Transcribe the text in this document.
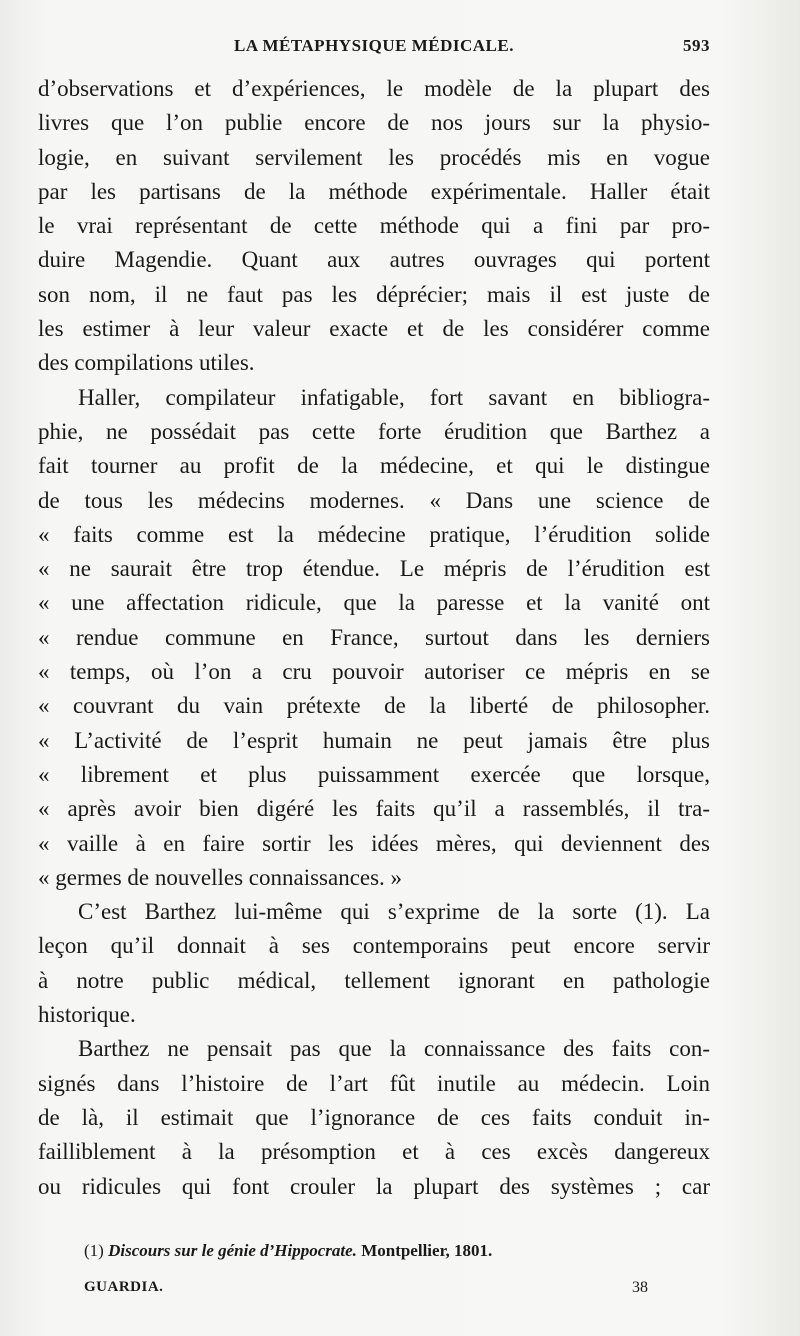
LA MÉTAPHYSIQUE MÉDICALE.	593
d’observations et d’expériences, le modèle de la plupart des
livres que l’on publie encore de nos jours sur la physio-
logie, en suivant servilement les procédés mis en vogue
par les partisans de la méthode expérimentale. Haller était
le vrai représentant de cette méthode qui a fini par pro-
duire Magendie. Quant aux autres ouvrages qui portent
son nom, il ne faut pas les déprécier; mais il est juste de
les estimer à leur valeur exacte et de les considérer comme
des compilations utiles.
Haller, compilateur infatigable, fort savant en bibliogra-
phie, ne possédait pas cette forte érudition que Barthez a
fait tourner au profit de la médecine, et qui le distingue
de tous les médecins modernes. « Dans une science de
« faits comme est la médecine pratique, l’érudition solide
« ne saurait être trop étendue. Le mépris de l’érudition est
« une affectation ridicule, que la paresse et la vanité ont
« rendue commune en France, surtout dans les derniers
« temps, où l’on a cru pouvoir autoriser ce mépris en se
« couvrant du vain prétexte de la liberté de philosopher.
« L’activité de l’esprit humain ne peut jamais être plus
« librement et plus puissamment exercée que lorsque,
« après avoir bien digéré les faits qu’il a rassemblés, il tra-
« vaille à en faire sortir les idées mères, qui deviennent des
« germes de nouvelles connaissances. »
C’est Barthez lui-même qui s’exprime de la sorte (1). La
leçon qu’il donnait à ses contemporains peut encore servir
à notre public médical, tellement ignorant en pathologie
historique.
Barthez ne pensait pas que la connaissance des faits con-
signés dans l’histoire de l’art fût inutile au médecin. Loin
de là, il estimait que l’ignorance de ces faits conduit in-
failliblement à la présomption et à ces excès dangereux
ou ridicules qui font crouler la plupart des systèmes ; car
(1) Discours sur le génie d’Hippocrate. Montpellier, 1801.
GUARDIA.	38
